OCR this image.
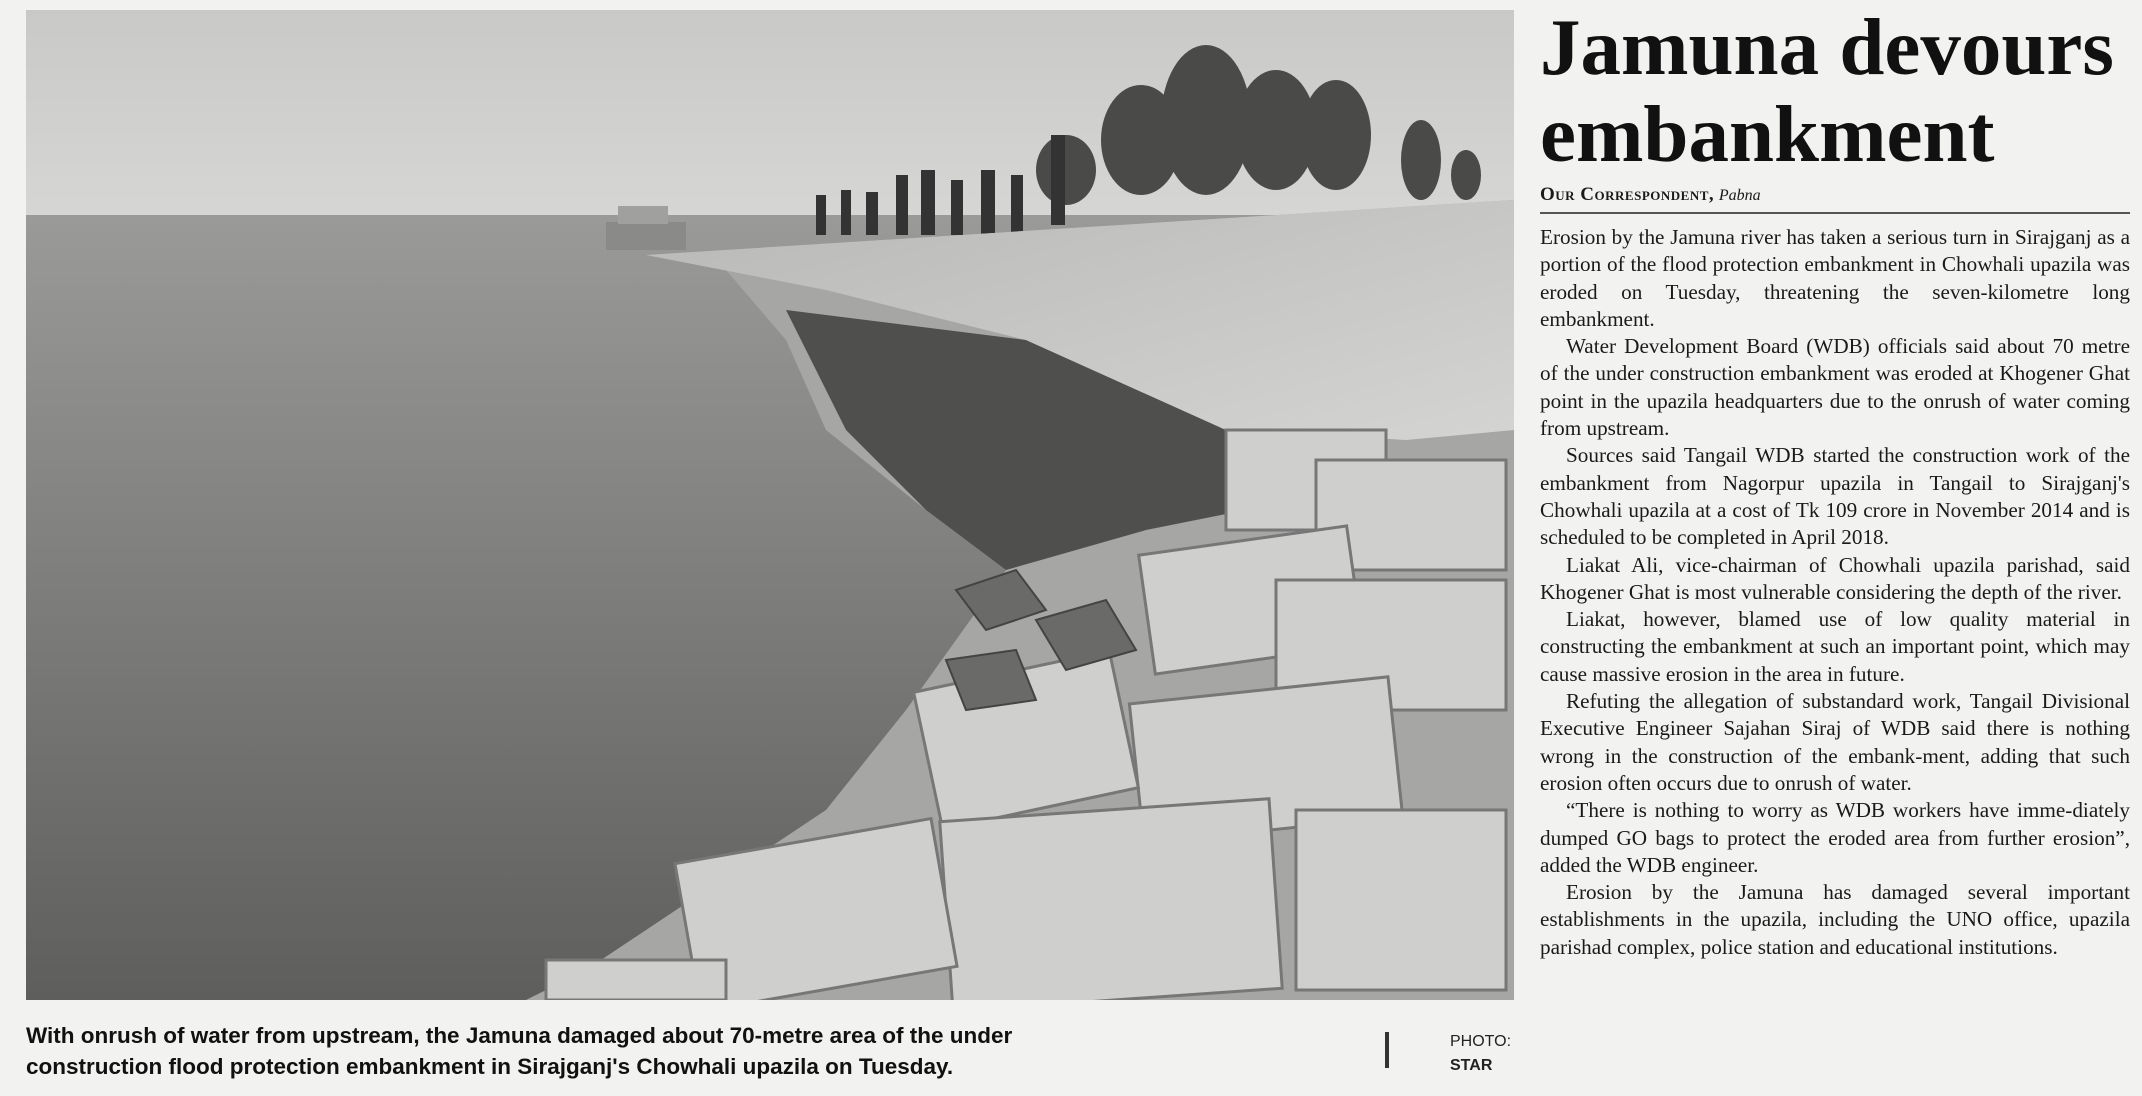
With onrush of water from upstream, the Jamuna damaged about 70-metre area of the under construction flood protection embankment in Sirajganj's Chowhali upazila on Tuesday.
PHOTO:
STAR
Jamuna devours embankment
Our Correspondent, Pabna

Erosion by the Jamuna river has taken a serious turn in Sirajganj as a portion of the flood protection embankment in Chowhali upazila was eroded on Tuesday, threatening the seven-kilometre long embankment.

Water Development Board (WDB) officials said about 70 metre of the under construction embankment was eroded at Khogener Ghat point in the upazila headquarters due to the onrush of water coming from upstream.

Sources said Tangail WDB started the construction work of the embankment from Nagorpur upazila in Tangail to Sirajganj's Chowhali upazila at a cost of Tk 109 crore in November 2014 and is scheduled to be completed in April 2018.

Liakat Ali, vice-chairman of Chowhali upazila parishad, said Khogener Ghat is most vulnerable considering the depth of the river.

Liakat, however, blamed use of low quality material in constructing the embankment at such an important point, which may cause massive erosion in the area in future.

Refuting the allegation of substandard work, Tangail Divisional Executive Engineer Sajahan Siraj of WDB said there is nothing wrong in the construction of the embank-ment, adding that such erosion often occurs due to onrush of water.

“There is nothing to worry as WDB workers have imme-diately dumped GO bags to protect the eroded area from further erosion”, added the WDB engineer.

Erosion by the Jamuna has damaged several important establishments in the upazila, including the UNO office, upazila parishad complex, police station and educational institutions.
